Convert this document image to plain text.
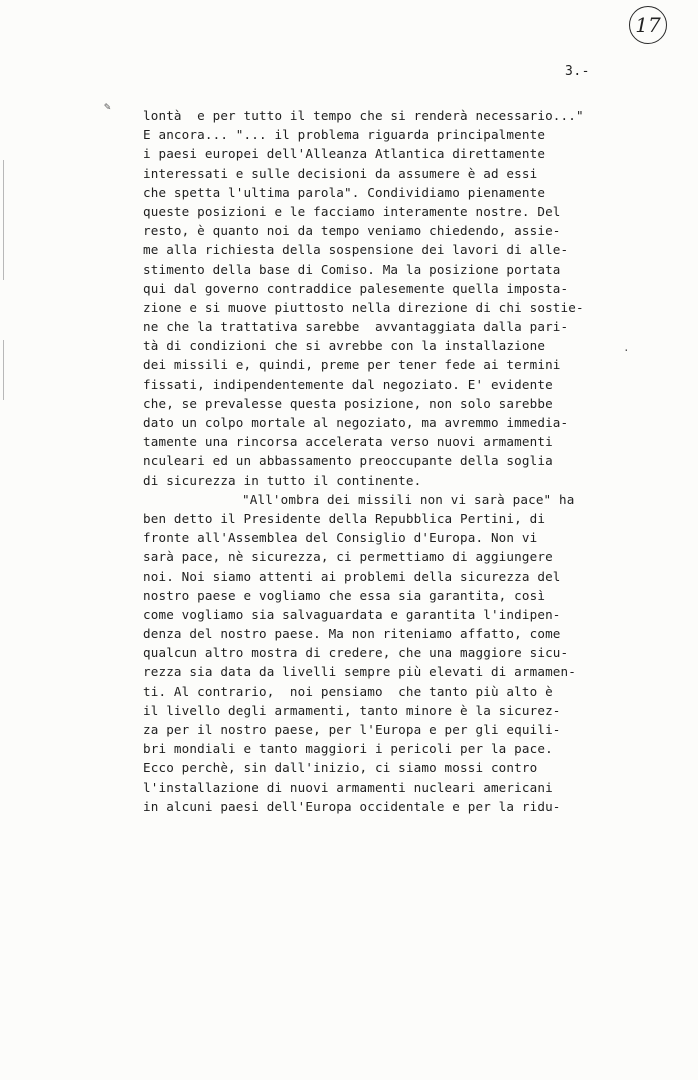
17

3.-

✎
·
lontà  e per tutto il tempo che si renderà necessario..."
E ancora... "... il problema riguarda principalmente
i paesi europei dell'Alleanza Atlantica direttamente
interessati e sulle decisioni da assumere è ad essi
che spetta l'ultima parola". Condividiamo pienamente
queste posizioni e le facciamo interamente nostre. Del
resto, è quanto noi da tempo veniamo chiedendo, assie-
me alla richiesta della sospensione dei lavori di alle-
stimento della base di Comiso. Ma la posizione portata
qui dal governo contraddice palesemente quella imposta-
zione e si muove piuttosto nella direzione di chi sostie-
ne che la trattativa sarebbe  avvantaggiata dalla pari-
tà di condizioni che si avrebbe con la installazione
dei missili e, quindi, preme per tener fede ai termini
fissati, indipendentemente dal negoziato. E' evidente
che, se prevalesse questa posizione, non solo sarebbe
dato un colpo mortale al negoziato, ma avremmo immedia-
tamente una rincorsa accelerata verso nuovi armamenti
nculeari ed un abbassamento preoccupante della soglia
di sicurezza in tutto il continente.
"All'ombra dei missili non vi sarà pace" ha
ben detto il Presidente della Repubblica Pertini, di
fronte all'Assemblea del Consiglio d'Europa. Non vi
sarà pace, nè sicurezza, ci permettiamo di aggiungere
noi. Noi siamo attenti ai problemi della sicurezza del
nostro paese e vogliamo che essa sia garantita, così
come vogliamo sia salvaguardata e garantita l'indipen-
denza del nostro paese. Ma non riteniamo affatto, come
qualcun altro mostra di credere, che una maggiore sicu-
rezza sia data da livelli sempre più elevati di armamen-
ti. Al contrario,  noi pensiamo  che tanto più alto è
il livello degli armamenti, tanto minore è la sicurez-
za per il nostro paese, per l'Europa e per gli equili-
bri mondiali e tanto maggiori i pericoli per la pace.
Ecco perchè, sin dall'inizio, ci siamo mossi contro
l'installazione di nuovi armamenti nucleari americani
in alcuni paesi dell'Europa occidentale e per la ridu-
